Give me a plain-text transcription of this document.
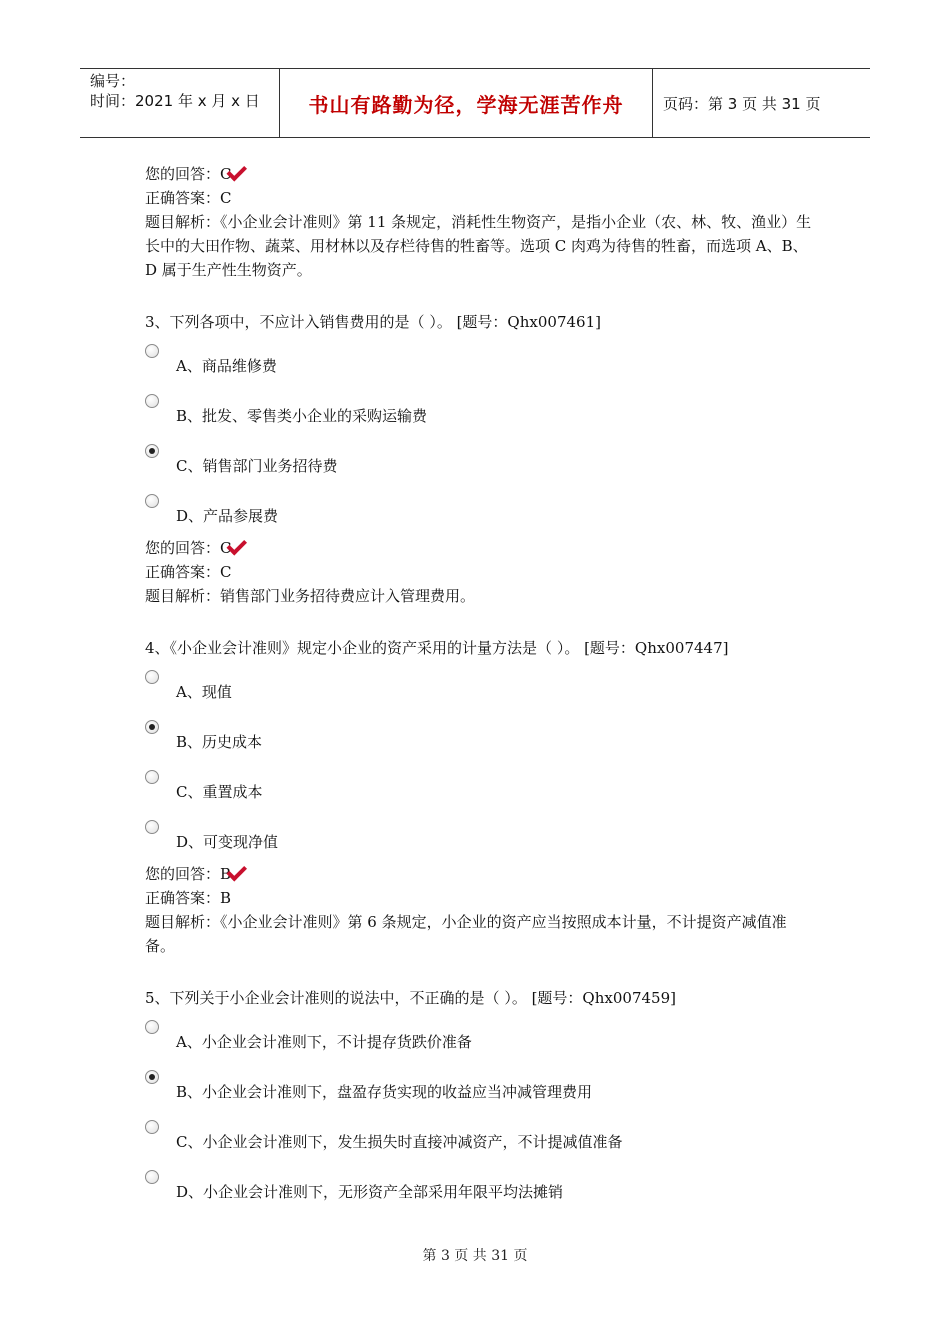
编号：
时间：2021 年 x 月 x 日	书山有路勤为径，学海无涯苦作舟	页码：第 3 页 共 31 页
您的回答：C
正确答案：C
题目解析：《小企业会计准则》第 11 条规定，消耗性生物资产，是指小企业（农、林、牧、渔业）生长中的大田作物、蔬菜、用材林以及存栏待售的牲畜等。选项 C 肉鸡为待售的牲畜，而选项 A、B、D 属于生产性生物资产。
3、下列各项中，不应计入销售费用的是（ ）。 [题号：Qhx007461]
A、商品维修费
B、批发、零售类小企业的采购运输费
C、销售部门业务招待费
D、产品参展费
您的回答：C
正确答案：C
题目解析：销售部门业务招待费应计入管理费用。
4、《小企业会计准则》规定小企业的资产采用的计量方法是（ ）。 [题号：Qhx007447]
A、现值
B、历史成本
C、重置成本
D、可变现净值
您的回答：B
正确答案：B
题目解析：《小企业会计准则》第 6 条规定，小企业的资产应当按照成本计量，不计提资产减值准备。
5、下列关于小企业会计准则的说法中，不正确的是（ ）。 [题号：Qhx007459]
A、小企业会计准则下，不计提存货跌价准备
B、小企业会计准则下，盘盈存货实现的收益应当冲减管理费用
C、小企业会计准则下，发生损失时直接冲减资产，不计提减值准备
D、小企业会计准则下，无形资产全部采用年限平均法摊销
第 3 页 共 31 页
